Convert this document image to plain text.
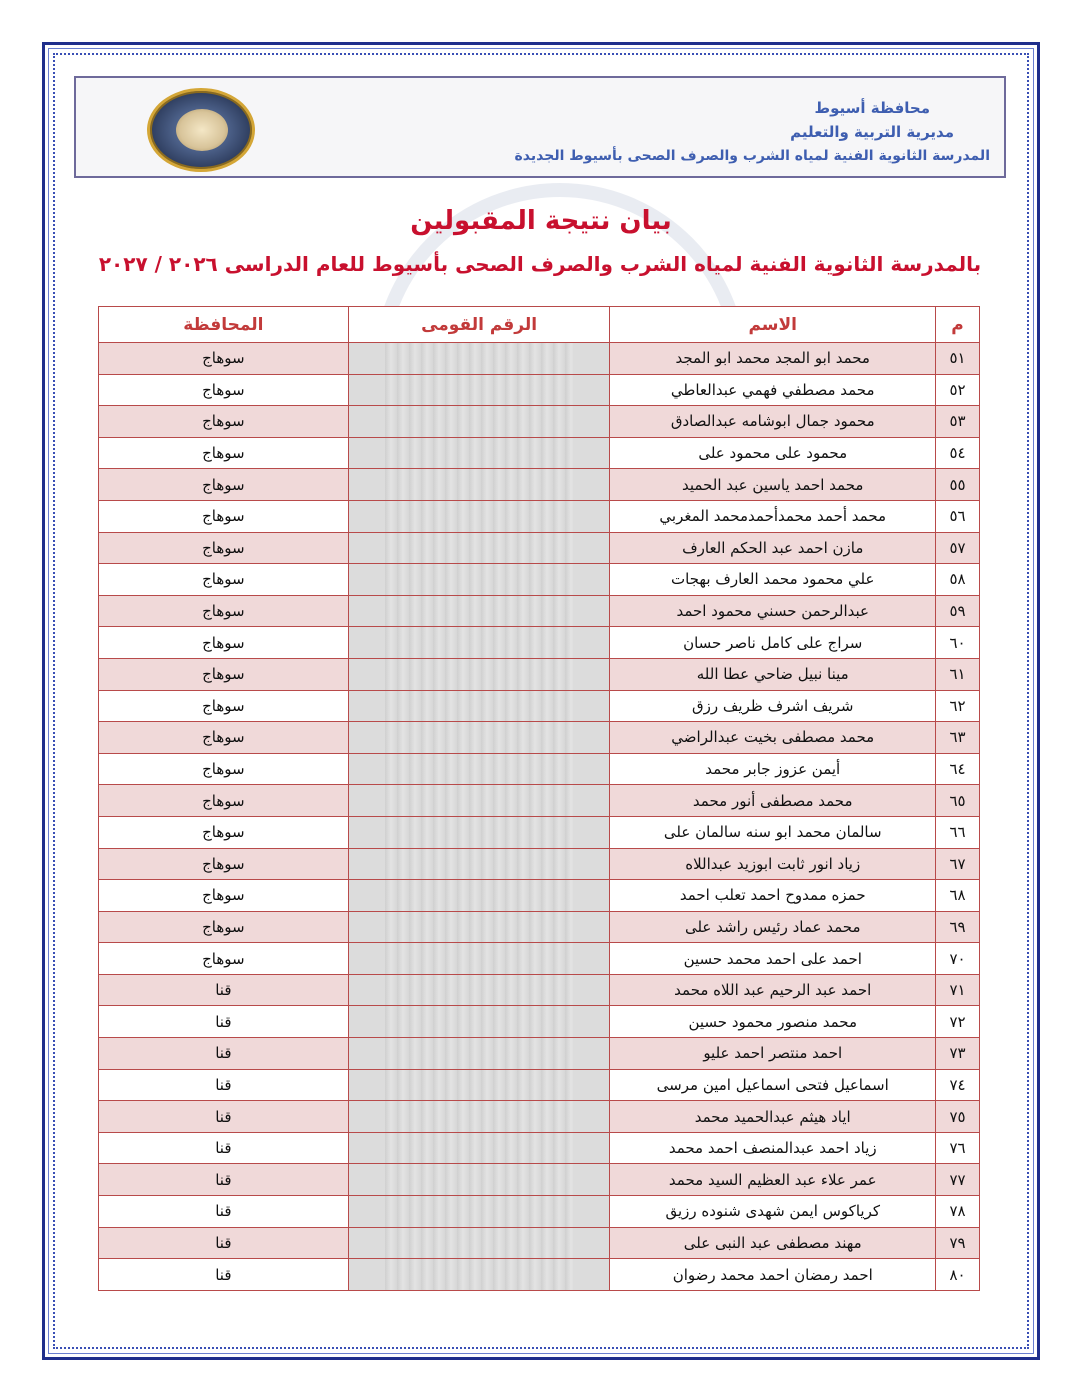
محافظة أسيوط
مديرية التربية والتعليم
المدرسة الثانوية الفنية لمياه الشرب والصرف الصحى بأسيوط الجديدة
بيان نتيجة المقبولين
بالمدرسة الثانوية الفنية لمياه الشرب والصرف الصحى بأسيوط للعام الدراسى ٢٠٢٦ / ٢٠٢٧
م	الاسم	الرقم القومى	المحافظة
٥١	محمد ابو المجد محمد ابو المجد		سوهاج
٥٢	محمد مصطفي فهمي عبدالعاطي		سوهاج
٥٣	محمود جمال ابوشامه عبدالصادق		سوهاج
٥٤	محمود على محمود على		سوهاج
٥٥	محمد احمد ياسين عبد الحميد		سوهاج
٥٦	محمد أحمد محمدأحمدمحمد المغربي		سوهاج
٥٧	مازن احمد عبد الحكم العارف		سوهاج
٥٨	علي محمود محمد العارف بهجات		سوهاج
٥٩	عبدالرحمن حسني محمود احمد		سوهاج
٦٠	سراج على كامل ناصر حسان		سوهاج
٦١	مينا نبيل ضاحي عطا الله		سوهاج
٦٢	شريف اشرف ظريف رزق		سوهاج
٦٣	محمد مصطفى بخيت عبدالراضي		سوهاج
٦٤	أيمن عزوز جابر محمد		سوهاج
٦٥	محمد مصطفى أنور محمد		سوهاج
٦٦	سالمان محمد ابو سنه سالمان على		سوهاج
٦٧	زياد انور ثابت ابوزيد عبداللاه		سوهاج
٦٨	حمزه ممدوح احمد تعلب احمد		سوهاج
٦٩	محمد عماد رئيس راشد على		سوهاج
٧٠	احمد على احمد محمد حسين		سوهاج
٧١	احمد عبد الرحيم عبد اللاه محمد		قنا
٧٢	محمد منصور محمود حسين		قنا
٧٣	احمد منتصر احمد عليو		قنا
٧٤	اسماعيل فتحى اسماعيل امين مرسى		قنا
٧٥	اياد هيثم عبدالحميد محمد		قنا
٧٦	زياد احمد عبدالمنصف احمد محمد		قنا
٧٧	عمر علاء عبد العظيم السيد محمد		قنا
٧٨	كرياكوس ايمن شهدى شنوده رزيق		قنا
٧٩	مهند مصطفى عبد النبى على		قنا
٨٠	احمد رمضان احمد محمد رضوان		قنا
